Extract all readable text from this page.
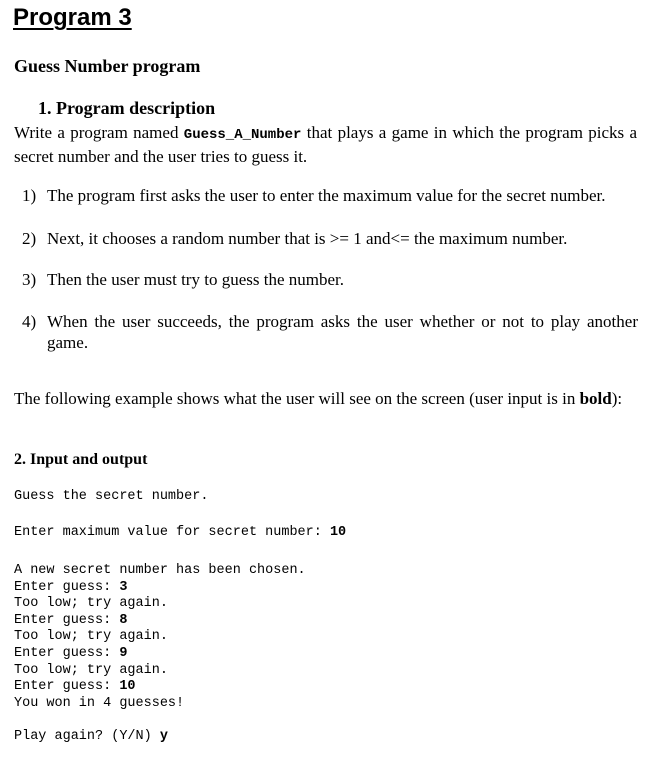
Program 3
Guess Number program
1. Program description
Write a program named Guess_A_Number that plays a game in which the program picks a secret number and the user tries to guess it.
1) The program first asks the user to enter the maximum value for the secret number.
2) Next, it chooses a random number that is >= 1 and<= the maximum number.
3) Then the user must try to guess the number.
4) When the user succeeds, the program asks the user whether or not to play another game.
The following example shows what the user will see on the screen (user input is in bold):
2. Input and output
Guess the secret number.
Enter maximum value for secret number: 10
A new secret number has been chosen.
Enter guess: 3
Too low; try again.
Enter guess: 8
Too low; try again.
Enter guess: 9
Too low; try again.
Enter guess: 10
You won in 4 guesses!
Play again? (Y/N) y
